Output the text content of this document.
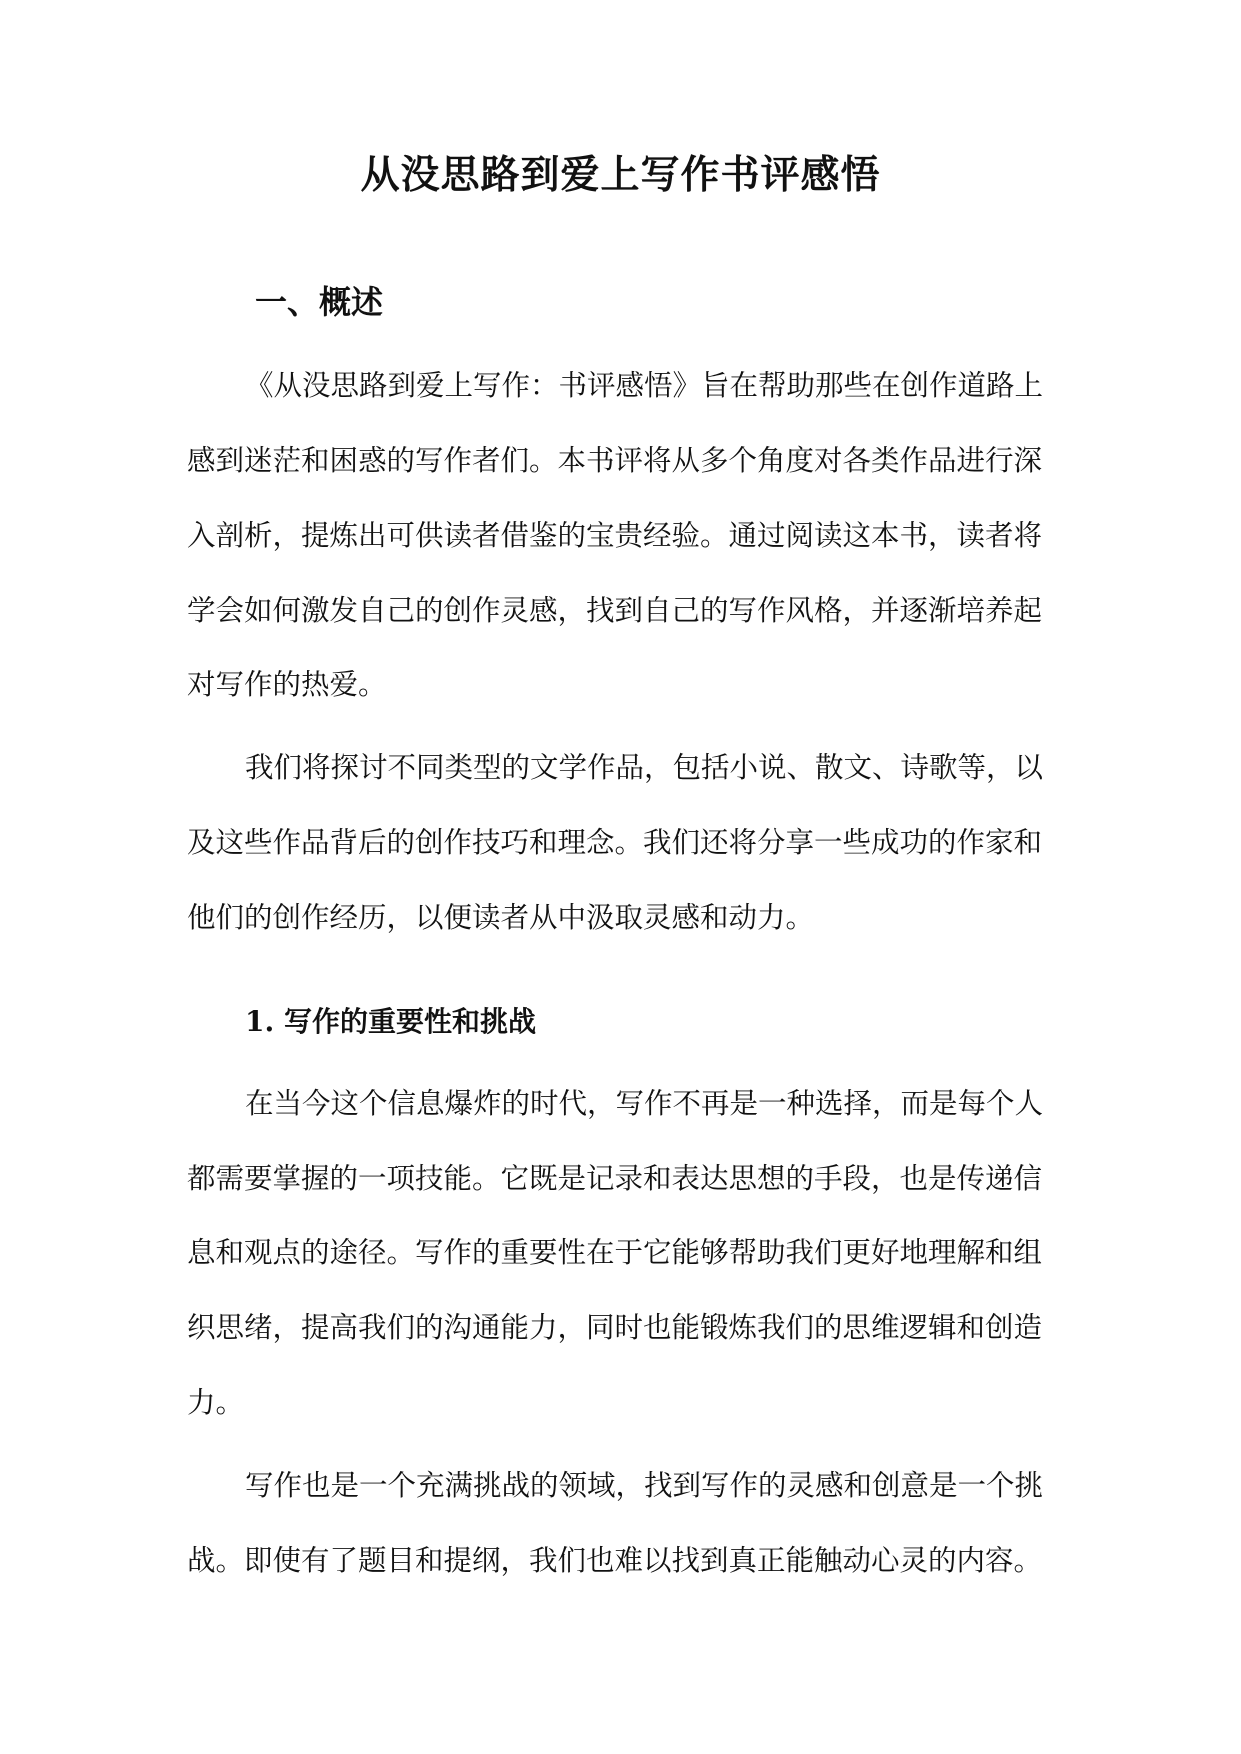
从没思路到爱上写作书评感悟
一、概述
《从没思路到爱上写作：书评感悟》旨在帮助那些在创作道路上
感到迷茫和困惑的写作者们。本书评将从多个角度对各类作品进行深
入剖析，提炼出可供读者借鉴的宝贵经验。通过阅读这本书，读者将
学会如何激发自己的创作灵感，找到自己的写作风格，并逐渐培养起
对写作的热爱。
我们将探讨不同类型的文学作品，包括小说、散文、诗歌等，以
及这些作品背后的创作技巧和理念。我们还将分享一些成功的作家和
他们的创作经历，以便读者从中汲取灵感和动力。
1. 写作的重要性和挑战
在当今这个信息爆炸的时代，写作不再是一种选择，而是每个人
都需要掌握的一项技能。它既是记录和表达思想的手段，也是传递信
息和观点的途径。写作的重要性在于它能够帮助我们更好地理解和组
织思绪，提高我们的沟通能力，同时也能锻炼我们的思维逻辑和创造
力。
写作也是一个充满挑战的领域，找到写作的灵感和创意是一个挑
战。即使有了题目和提纲，我们也难以找到真正能触动心灵的内容。
